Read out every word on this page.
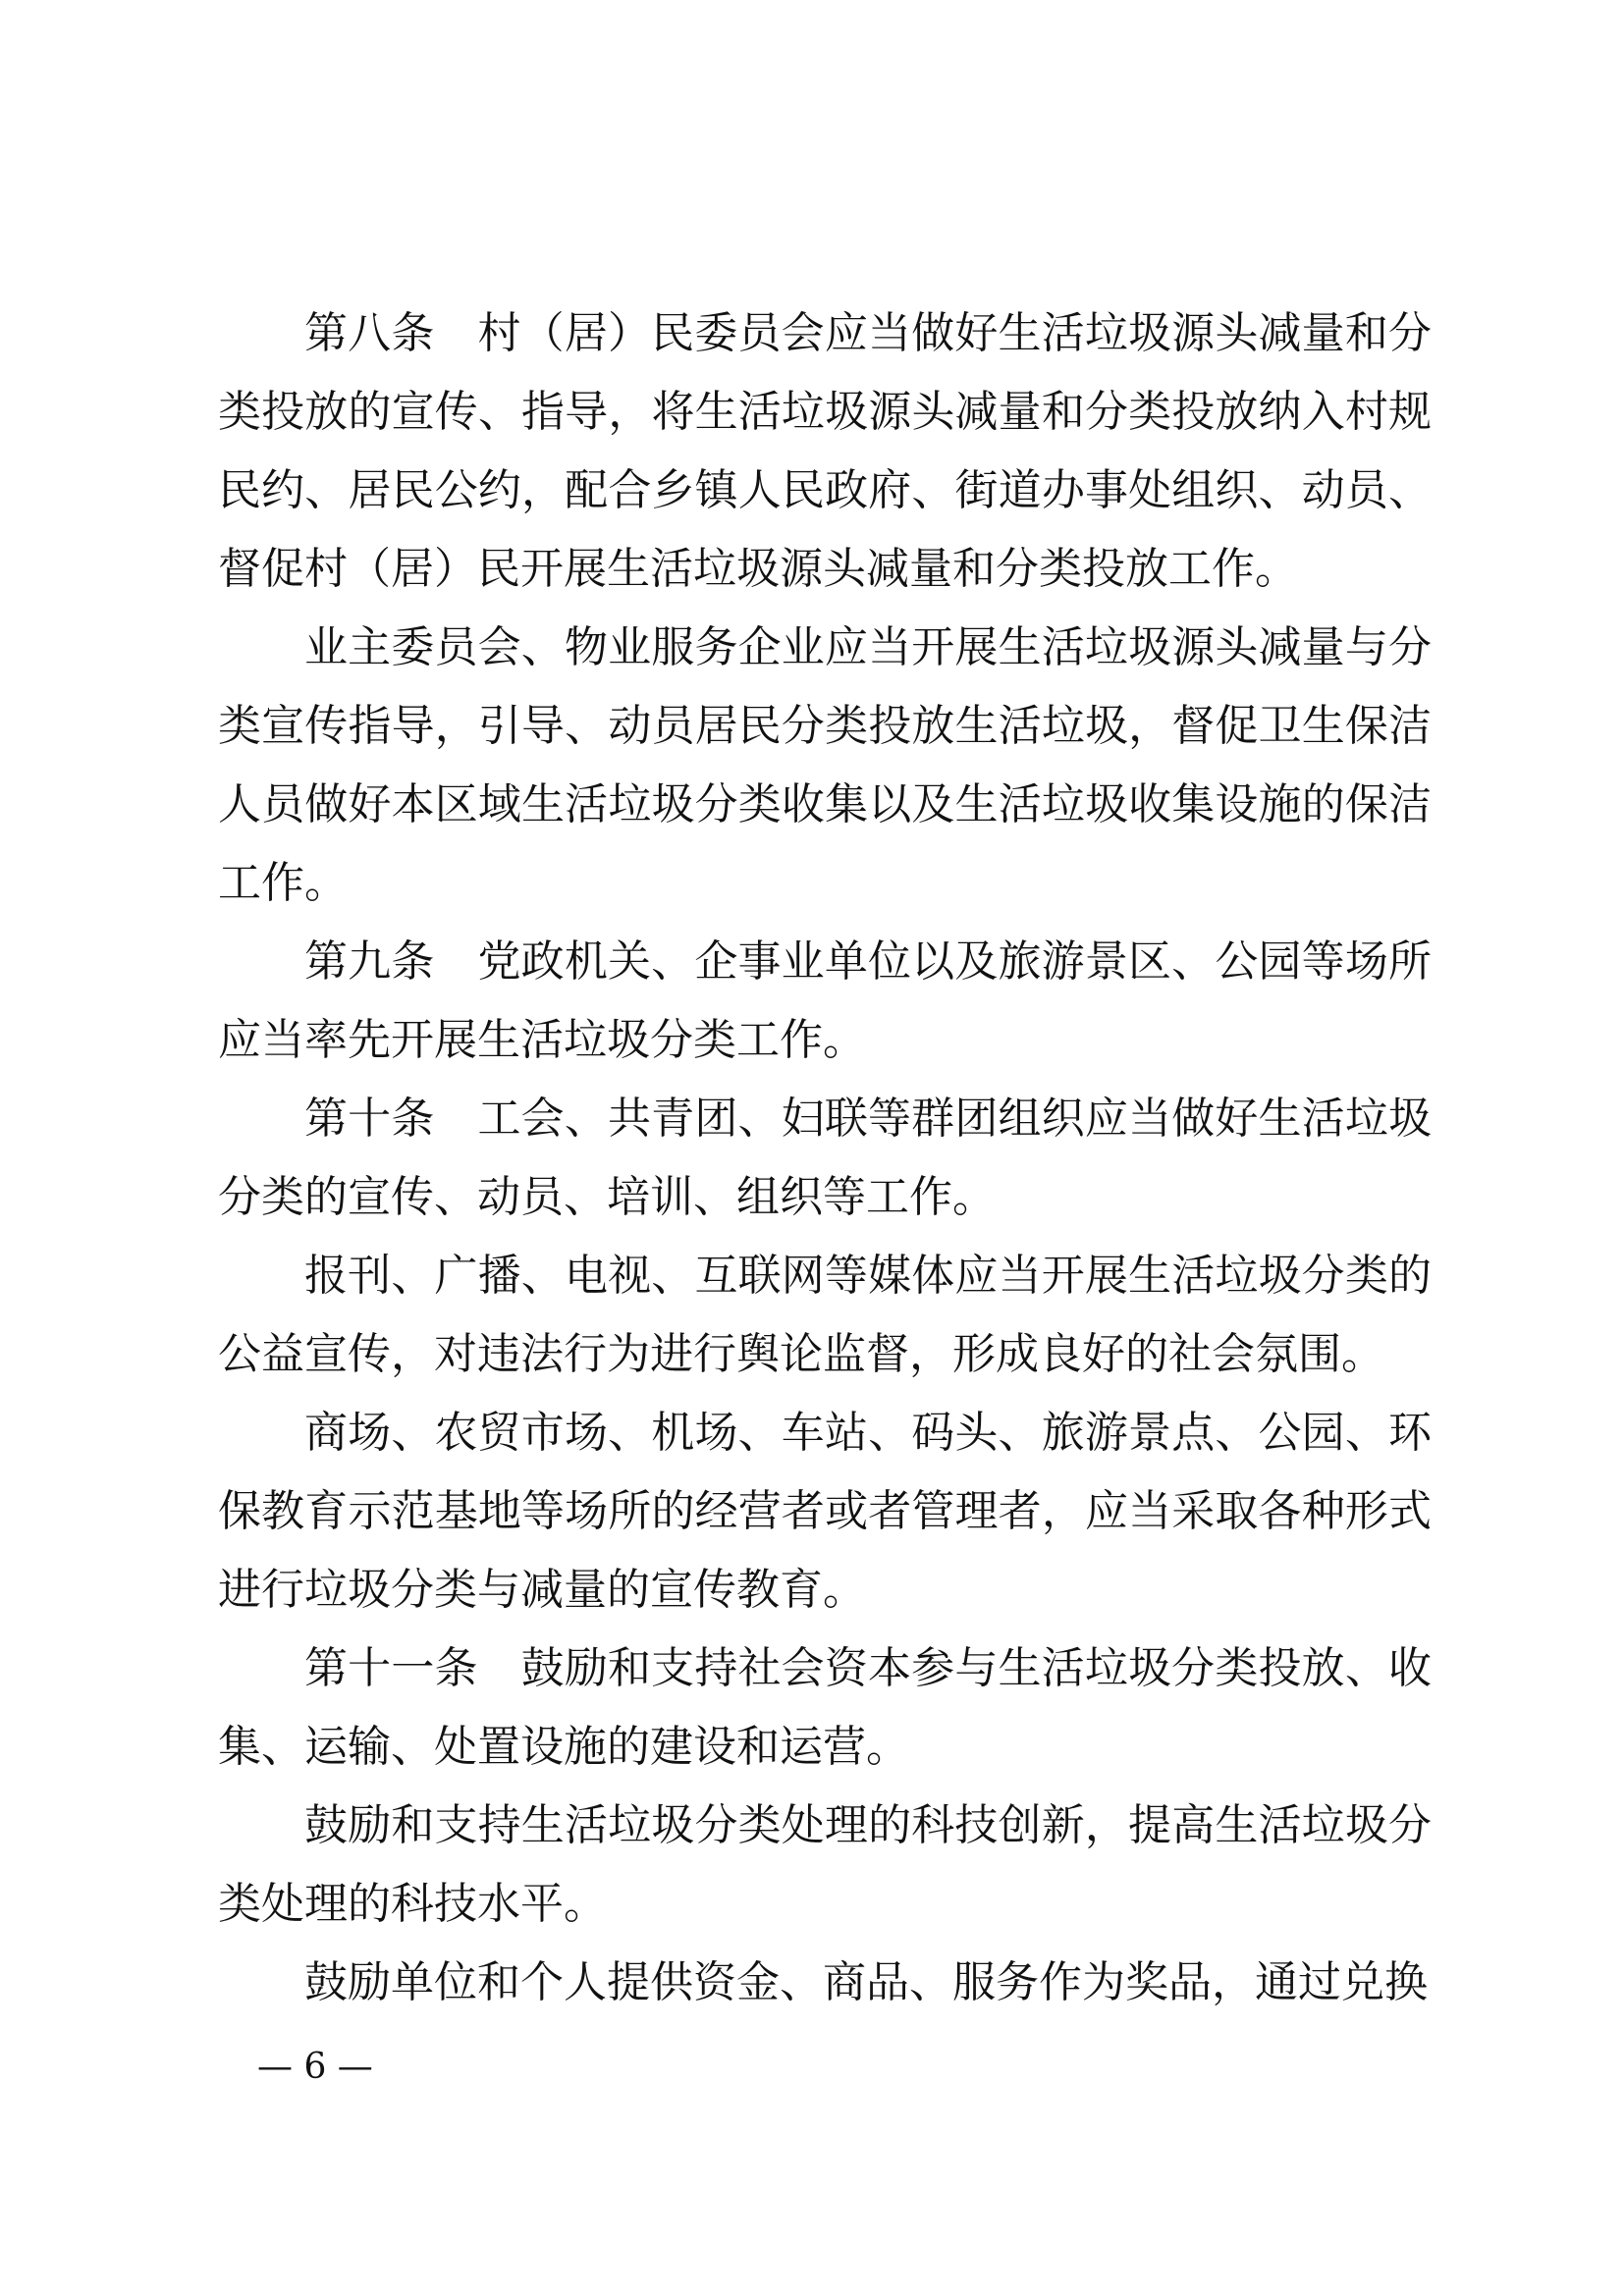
第八条 村（居）民委员会应当做好生活垃圾源头减量和分类投放的宣传、指导，将生活垃圾源头减量和分类投放纳入村规民约、居民公约，配合乡镇人民政府、街道办事处组织、动员、督促村（居）民开展生活垃圾源头减量和分类投放工作。

业主委员会、物业服务企业应当开展生活垃圾源头减量与分类宣传指导，引导、动员居民分类投放生活垃圾，督促卫生保洁人员做好本区域生活垃圾分类收集以及生活垃圾收集设施的保洁工作。

第九条 党政机关、企事业单位以及旅游景区、公园等场所应当率先开展生活垃圾分类工作。

第十条 工会、共青团、妇联等群团组织应当做好生活垃圾分类的宣传、动员、培训、组织等工作。

报刊、广播、电视、互联网等媒体应当开展生活垃圾分类的公益宣传，对违法行为进行舆论监督，形成良好的社会氛围。

商场、农贸市场、机场、车站、码头、旅游景点、公园、环保教育示范基地等场所的经营者或者管理者，应当采取各种形式进行垃圾分类与减量的宣传教育。

第十一条 鼓励和支持社会资本参与生活垃圾分类投放、收集、运输、处置设施的建设和运营。

鼓励和支持生活垃圾分类处理的科技创新，提高生活垃圾分类处理的科技水平。

鼓励单位和个人提供资金、商品、服务作为奖品，通过兑换

— 6 —
